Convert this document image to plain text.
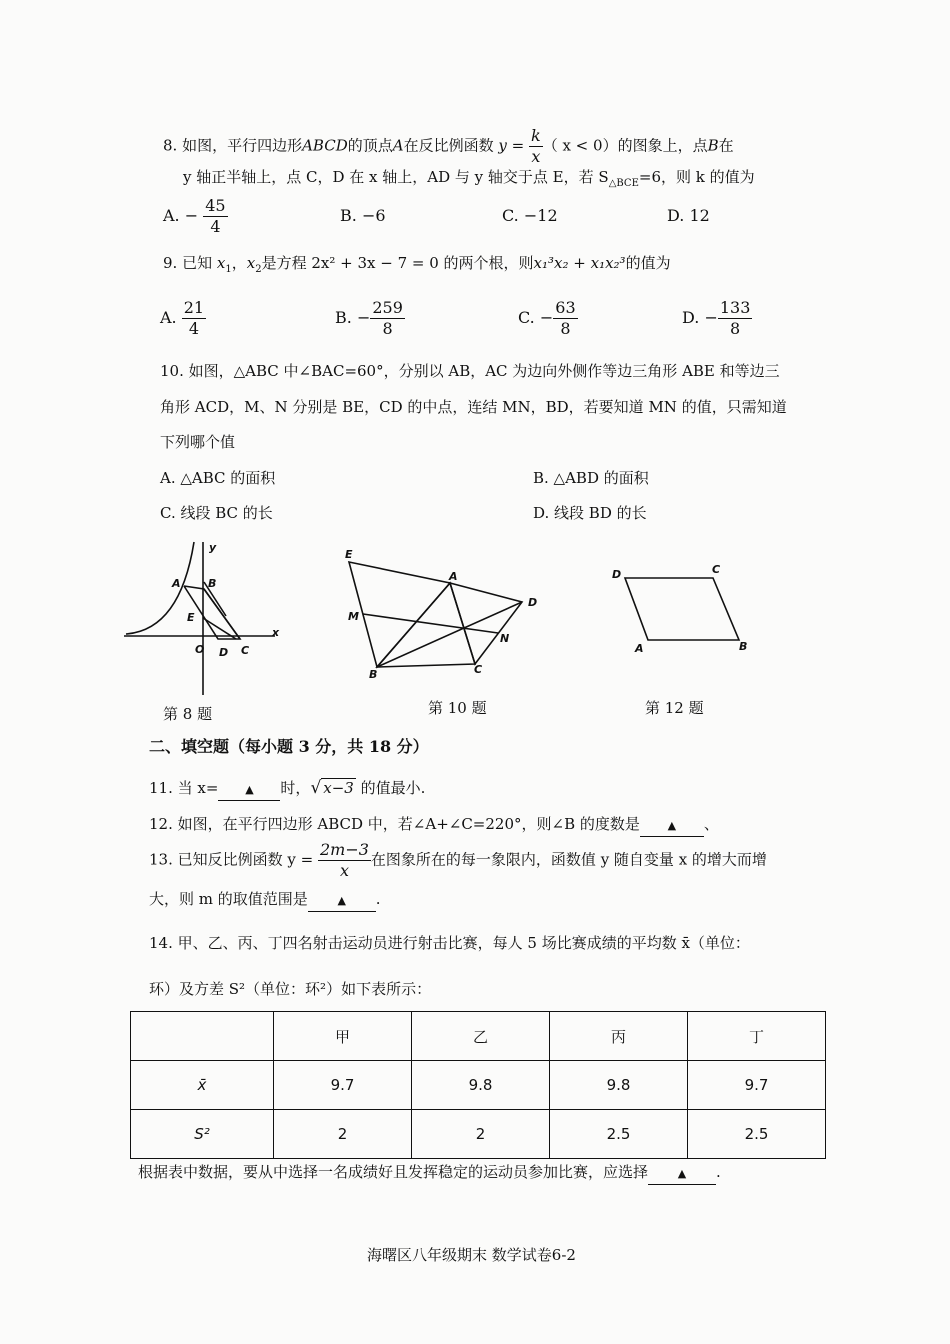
8. 如图，平行四边形ABCD的顶点A在反比例函数 $y = \frac{k}{x}$ （ x < 0）的图象上，点B在
y 轴正半轴上，点 C，D 在 x 轴上，AD 与 y 轴交于点 E，若 $S_{\triangle BCE}=6$，则 k 的值为
A. − $\frac{45}{4}$	B. −6	C. −12	D. 12
9. 已知 $x_1$，$x_2$是方程 2x² + 3x − 7 = 0 的两个根，则x₁³x₂ + x₁x₂³的值为
A. $\frac{21}{4}$	B. − $\frac{259}{8}$	C. − $\frac{63}{8}$	D. − $\frac{133}{8}$
10. 如图，△ABC 中∠BAC=60°，分别以 AB，AC 为边向外侧作等边三角形 ABE 和等边三
角形 ACD，M、N 分别是 BE，CD 的中点，连结 MN，BD，若要知道 MN 的值，只需知道
下列哪个值
A. △ABC 的面积	B. △ABD 的面积
C. 线段 BC 的长	D. 线段 BD 的长
y
x
A B
E
O D C
E
A
D
M
N
B	C
D	C
A	B
第 8 题	第 10 题	第 12 题
二、填空题（每小题 3 分，共 18 分）
11. 当 x= ▲ 时，√ x−3 的值最小.
12. 如图，在平行四边形 ABCD 中，若∠A+∠C=220°，则∠B 的度数是	▲ 、
13. 已知反比例函数 $y = \frac{2m-3}{x}$ 在图象所在的每一象限内，函数值 y 随自变量 x 的增大而增
大，则 m 的取值范围是	▲ .
14. 甲、乙、丙、丁四名射击运动员进行射击比赛，每人 5 场比赛成绩的平均数 x̄（单位：
环）及方差 S²（单位：环²）如下表所示：
	甲	乙	丙	丁
x̄	9.7	9.8	9.8	9.7
S²	2	2	2.5	2.5
根据表中数据，要从中选择一名成绩好且发挥稳定的运动员参加比赛，应选择	▲ .
海曙区八年级期末 数学试卷6-2
